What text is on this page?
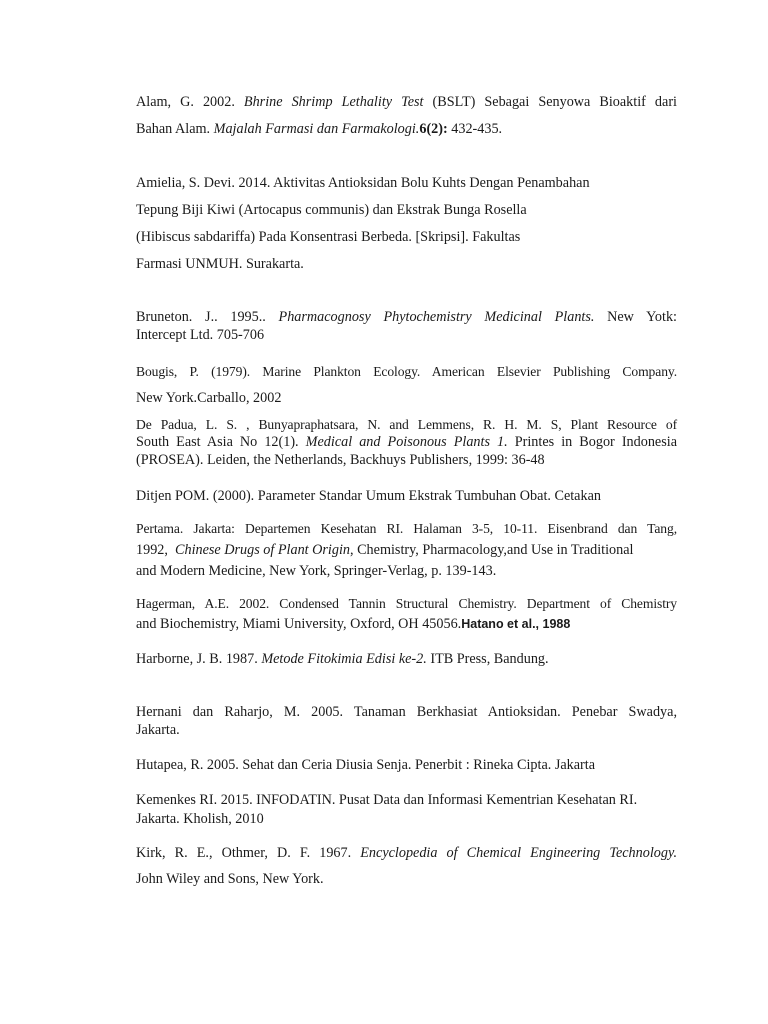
Alam, G. 2002. Bhrine Shrimp Lethality Test (BSLT) Sebagai Senyowa Bioaktif dari
Bahan Alam. Majalah Farmasi dan Farmakologi.6(2): 432-435.
Amielia, S. Devi. 2014. Aktivitas Antioksidan Bolu Kuhts Dengan Penambahan
Tepung Biji Kiwi (Artocapus communis) dan Ekstrak Bunga Rosella
(Hibiscus sabdariffa) Pada Konsentrasi Berbeda. [Skripsi]. Fakultas
Farmasi UNMUH. Surakarta.
Bruneton. J.. 1995.. Pharmacognosy Phytochemistry Medicinal Plants. New Yotk:
Intercept Ltd. 705-706
Bougis, P. (1979). Marine Plankton Ecology. American Elsevier Publishing Company.
New York.Carballo, 2002
De Padua, L. S. , Bunyapraphatsara, N. and Lemmens, R. H. M. S, Plant Resource of
South East Asia No 12(1). Medical and Poisonous Plants 1. Printes in Bogor Indonesia
(PROSEA). Leiden, the Netherlands, Backhuys Publishers, 1999: 36-48
Ditjen POM. (2000). Parameter Standar Umum Ekstrak Tumbuhan Obat. Cetakan
Pertama. Jakarta: Departemen Kesehatan RI. Halaman 3-5, 10-11. Eisenbrand dan Tang,
1992, Chinese Drugs of Plant Origin, Chemistry, Pharmacology,and Use in Traditional
and Modern Medicine, New York, Springer-Verlag, p. 139-143.
Hagerman, A.E. 2002. Condensed Tannin Structural Chemistry. Department of Chemistry
and Biochemistry, Miami University, Oxford, OH 45056.Hatano et al., 1988
Harborne, J. B. 1987. Metode Fitokimia Edisi ke-2. ITB Press, Bandung.
Hernani dan Raharjo, M. 2005. Tanaman Berkhasiat Antioksidan. Penebar Swadya,
Jakarta.
Hutapea, R. 2005. Sehat dan Ceria Diusia Senja. Penerbit : Rineka Cipta. Jakarta
Kemenkes RI. 2015. INFODATIN. Pusat Data dan Informasi Kementrian Kesehatan RI.
Jakarta. Kholish, 2010
Kirk, R. E., Othmer, D. F. 1967. Encyclopedia of Chemical Engineering Technology.
John Wiley and Sons, New York.
